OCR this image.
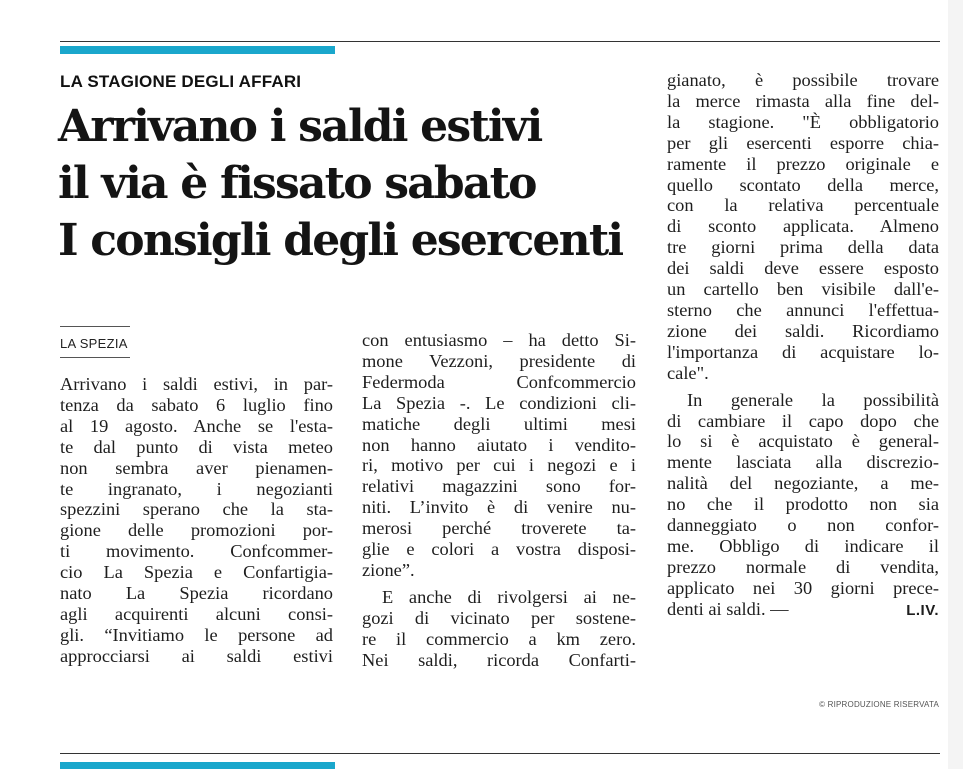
LA STAGIONE DEGLI AFFARI
Arrivano i saldi estivi
il via è fissato sabato
I consigli degli esercenti
LA SPEZIA
Arrivano i saldi estivi, in par-
tenza da sabato 6 luglio fino
al 19 agosto. Anche se l'esta-
te dal punto di vista meteo
non sembra aver pienamen-
te ingranato, i negozianti
spezzini sperano che la sta-
gione delle promozioni por-
ti movimento. Confcommer-
cio La Spezia e Confartigia-
nato La Spezia ricordano
agli acquirenti alcuni consi-
gli. “Invitiamo le persone ad
approcciarsi ai saldi estivi
con entusiasmo – ha detto Si-
mone Vezzoni, presidente di
Federmoda Confcommercio
La Spezia -. Le condizioni cli-
matiche degli ultimi mesi
non hanno aiutato i vendito-
ri, motivo per cui i negozi e i
relativi magazzini sono for-
niti. L’invito è di venire nu-
merosi perché troverete ta-
glie e colori a vostra disposi-
zione”.
E anche di rivolgersi ai ne-
gozi di vicinato per sostene-
re il commercio a km zero.
Nei saldi, ricorda Confarti-
gianato, è possibile trovare
la merce rimasta alla fine del-
la stagione. "È obbligatorio
per gli esercenti esporre chia-
ramente il prezzo originale e
quello scontato della merce,
con la relativa percentuale
di sconto applicata. Almeno
tre giorni prima della data
dei saldi deve essere esposto
un cartello ben visibile dall'e-
sterno che annunci l'effettua-
zione dei saldi. Ricordiamo
l'importanza di acquistare lo-
cale".
In generale la possibilità
di cambiare il capo dopo che
lo si è acquistato è general-
mente lasciata alla discrezio-
nalità del negoziante, a me-
no che il prodotto non sia
danneggiato o non confor-
me. Obbligo di indicare il
prezzo normale di vendita,
applicato nei 30 giorni prece-
L.IV.
denti ai saldi. —
© RIPRODUZIONE RISERVATA
